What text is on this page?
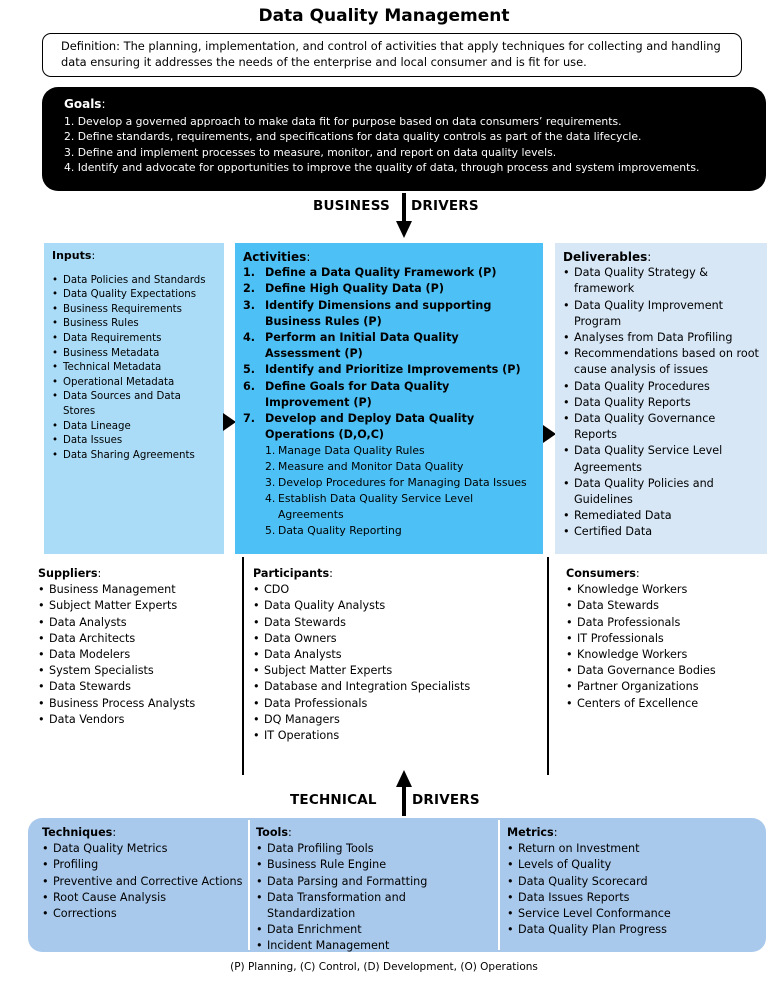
Data Quality Management
Definition: The planning, implementation, and control of activities that apply techniques for collecting and handling data ensuring it addresses the needs of the enterprise and local consumer and is fit for use.
Goals:
1. Develop a governed approach to make data fit for purpose based on data consumers’ requirements.
2. Define standards, requirements, and specifications for data quality controls as part of the data lifecycle.
3. Define and implement processes to measure, monitor, and report on data quality levels.
4. Identify and advocate for opportunities to improve the quality of data, through process and system improvements.
BUSINESS DRIVERS
Inputs:
• Data Policies and Standards
• Data Quality Expectations
• Business Requirements
• Business Rules
• Data Requirements
• Business Metadata
• Technical Metadata
• Operational Metadata
• Data Sources and Data Stores
• Data Lineage
• Data Issues
• Data Sharing Agreements
Activities:
1. Define a Data Quality Framework (P)
2. Define High Quality Data (P)
3. Identify Dimensions and supporting Business Rules (P)
4. Perform an Initial Data Quality Assessment (P)
5. Identify and Prioritize Improvements (P)
6. Define Goals for Data Quality Improvement (P)
7. Develop and Deploy Data Quality Operations (D,O,C)
1. Manage Data Quality Rules
2. Measure and Monitor Data Quality
3. Develop Procedures for Managing Data Issues
4. Establish Data Quality Service Level Agreements
5. Data Quality Reporting
Deliverables:
• Data Quality Strategy & framework
• Data Quality Improvement Program
• Analyses from Data Profiling
• Recommendations based on root cause analysis of issues
• Data Quality Procedures
• Data Quality Reports
• Data Quality Governance Reports
• Data Quality Service Level Agreements
• Data Quality Policies and Guidelines
• Remediated Data
• Certified Data
Suppliers:
• Business Management
• Subject Matter Experts
• Data Analysts
• Data Architects
• Data Modelers
• System Specialists
• Data Stewards
• Business Process Analysts
• Data Vendors
Participants:
• CDO
• Data Quality Analysts
• Data Stewards
• Data Owners
• Data Analysts
• Subject Matter Experts
• Database and Integration Specialists
• Data Professionals
• DQ Managers
• IT Operations
Consumers:
• Knowledge Workers
• Data Stewards
• Data Professionals
• IT Professionals
• Knowledge Workers
• Data Governance Bodies
• Partner Organizations
• Centers of Excellence
TECHNICAL	DRIVERS
Techniques:
• Data Quality Metrics
• Profiling
• Preventive and Corrective Actions
• Root Cause Analysis
• Corrections
Tools:
• Data Profiling Tools
• Business Rule Engine
• Data Parsing and Formatting
• Data Transformation and Standardization
• Data Enrichment
• Incident Management
Metrics:
• Return on Investment
• Levels of Quality
• Data Quality Scorecard
• Data Issues Reports
• Service Level Conformance
• Data Quality Plan Progress
(P) Planning, (C) Control, (D) Development, (O) Operations
